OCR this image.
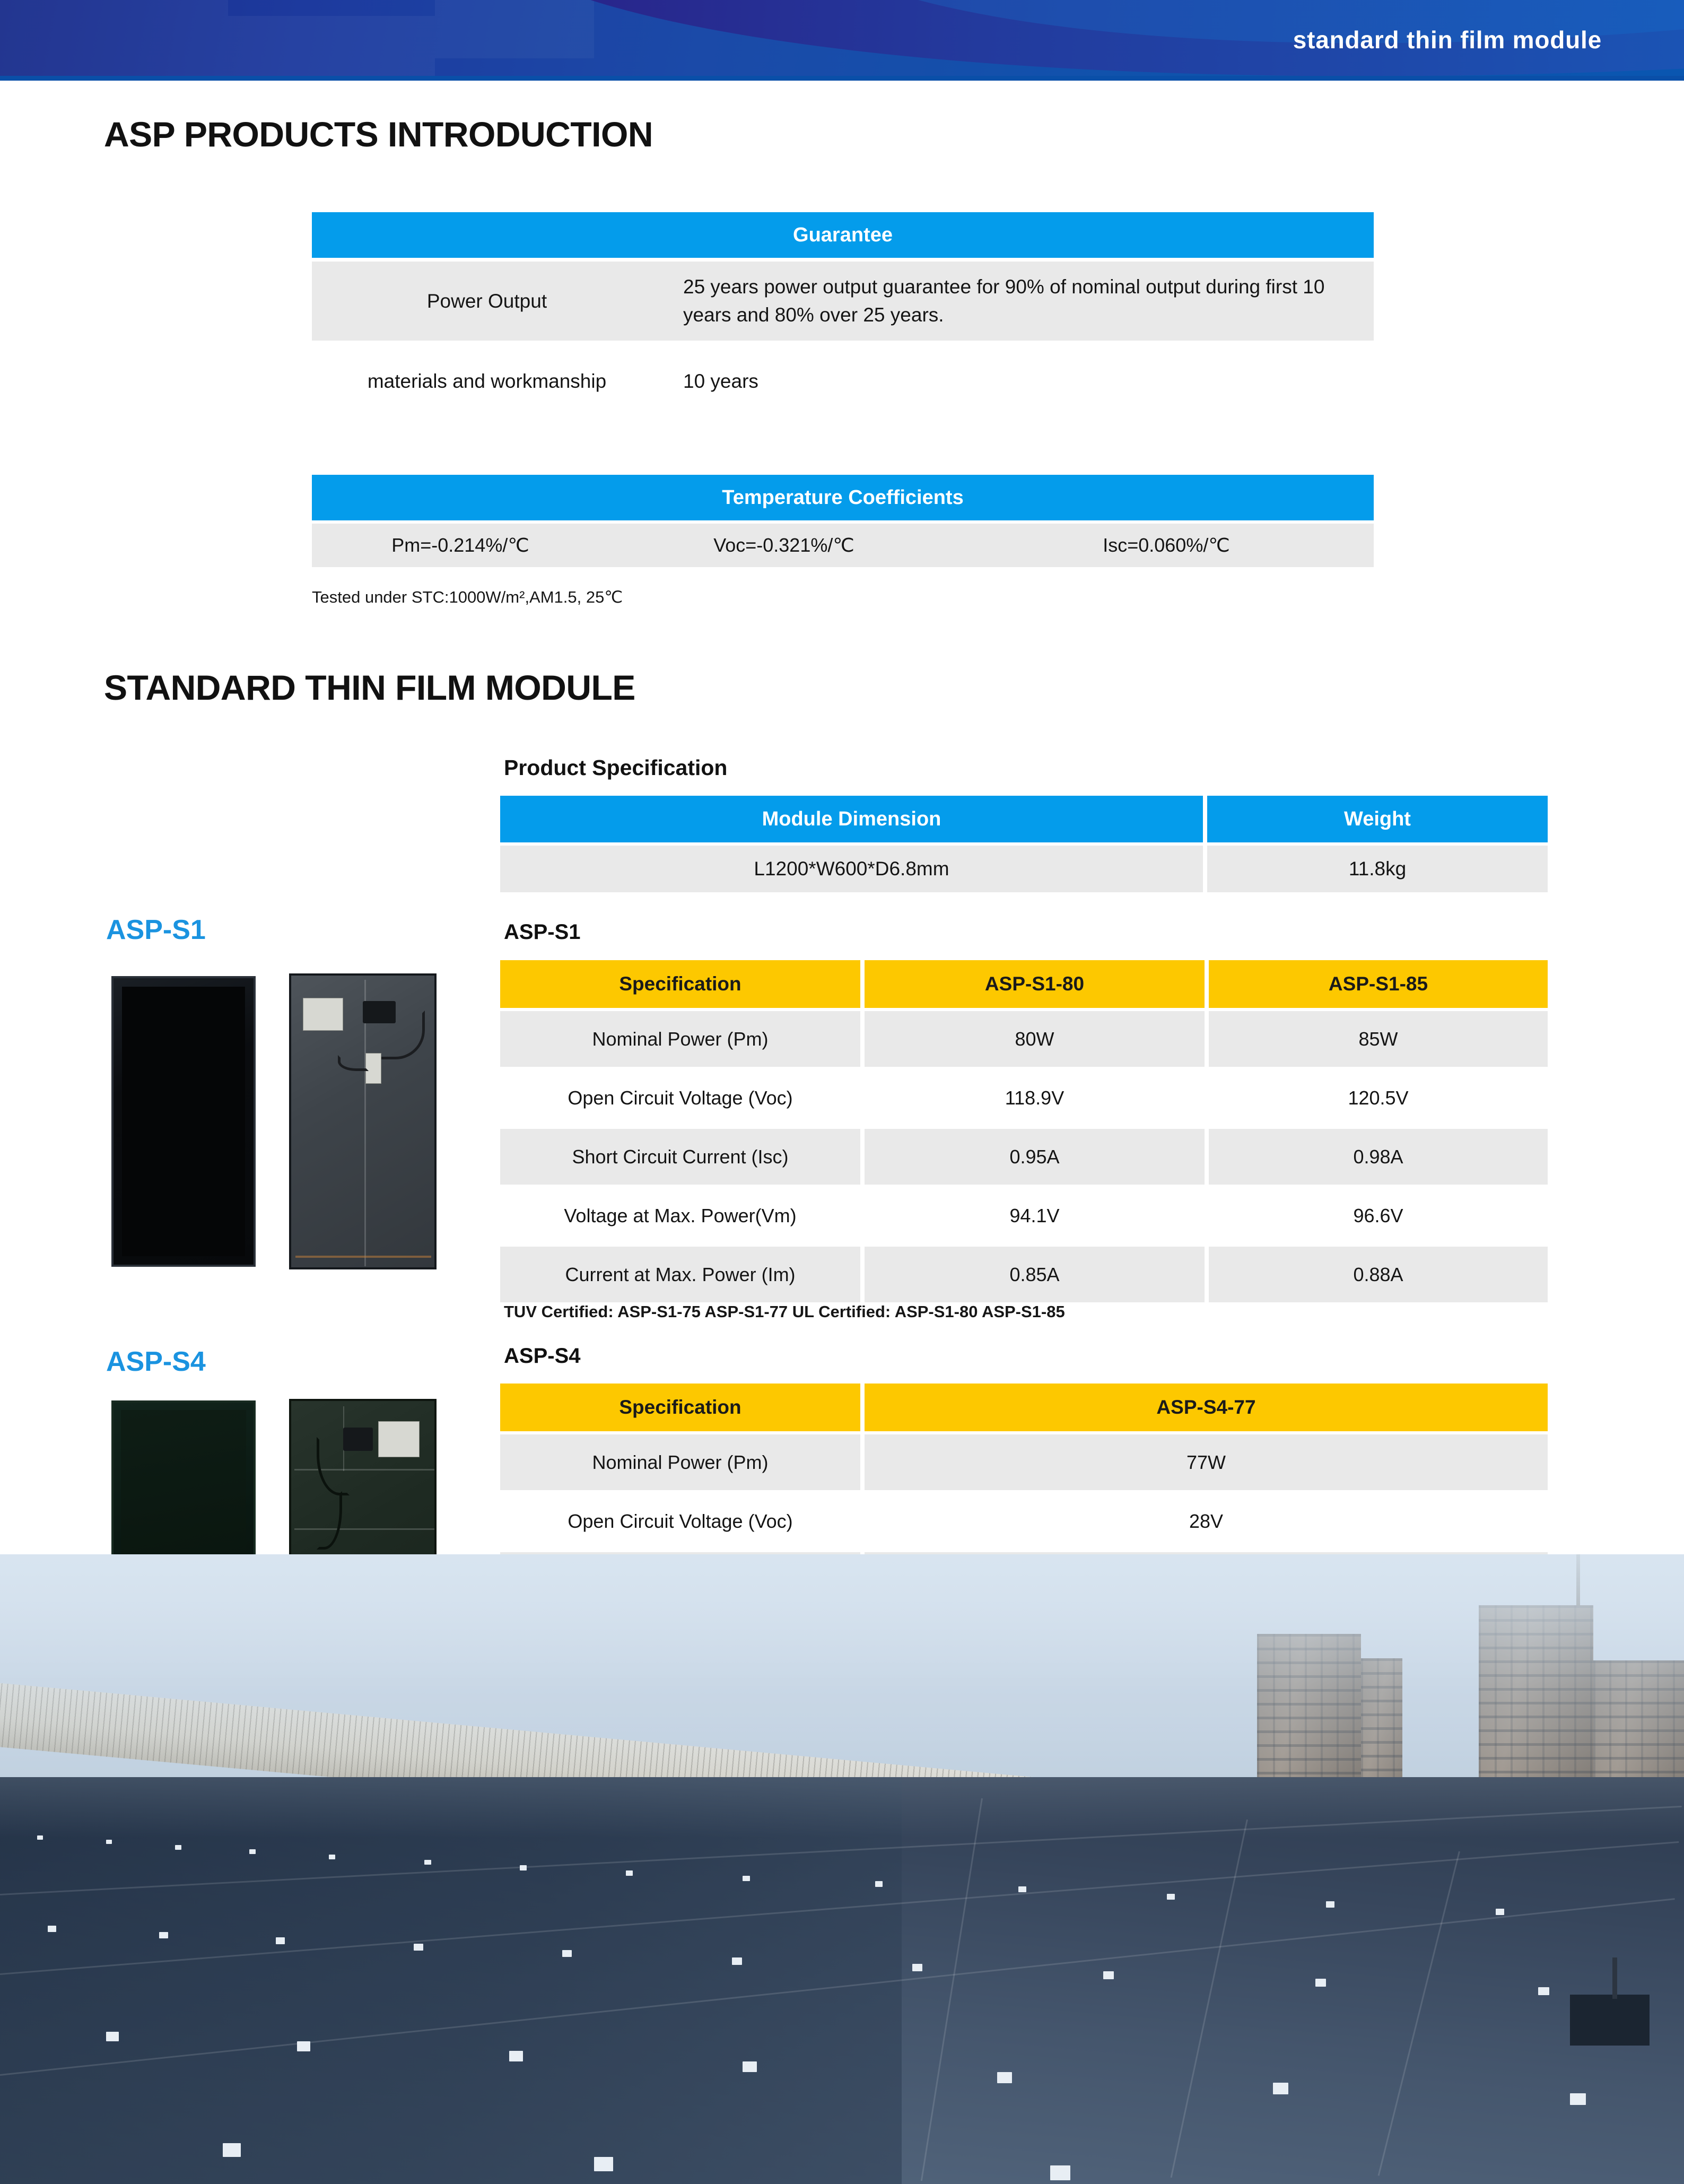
standard thin film module
ASP PRODUCTS INTRODUCTION
Guarantee	

Power Output	25 years power output guarantee for 90% of nominal output during first 10 years and 80% over 25 years.

materials and workmanship	10 years
Temperature Coefficients

Pm=-0.214%/℃	Voc=-0.321%/℃	Isc=0.060%/℃
Tested under STC:1000W/m²,AM1.5, 25℃
STANDARD THIN FILM MODULE
Product Specification
Module Dimension		Weight

L1200*W600*D6.8mm		11.8kg
ASP-S1	ASP-S1
Specification		ASP-S1-80		ASP-S1-85

Nominal Power (Pm)		80W		85W

Open Circuit Voltage (Voc)		118.9V		120.5V

Short Circuit Current (Isc)		0.95A		0.98A

Voltage at Max. Power(Vm)		94.1V		96.6V

Current at Max. Power (Im)		0.85A		0.88A
TUV Certified: ASP-S1-75 ASP-S1-77 UL Certified: ASP-S1-80 ASP-S1-85
ASP-S4	ASP-S4
Specification		ASP-S4-77

Nominal Power (Pm)		77W

Open Circuit Voltage (Voc)		28V
